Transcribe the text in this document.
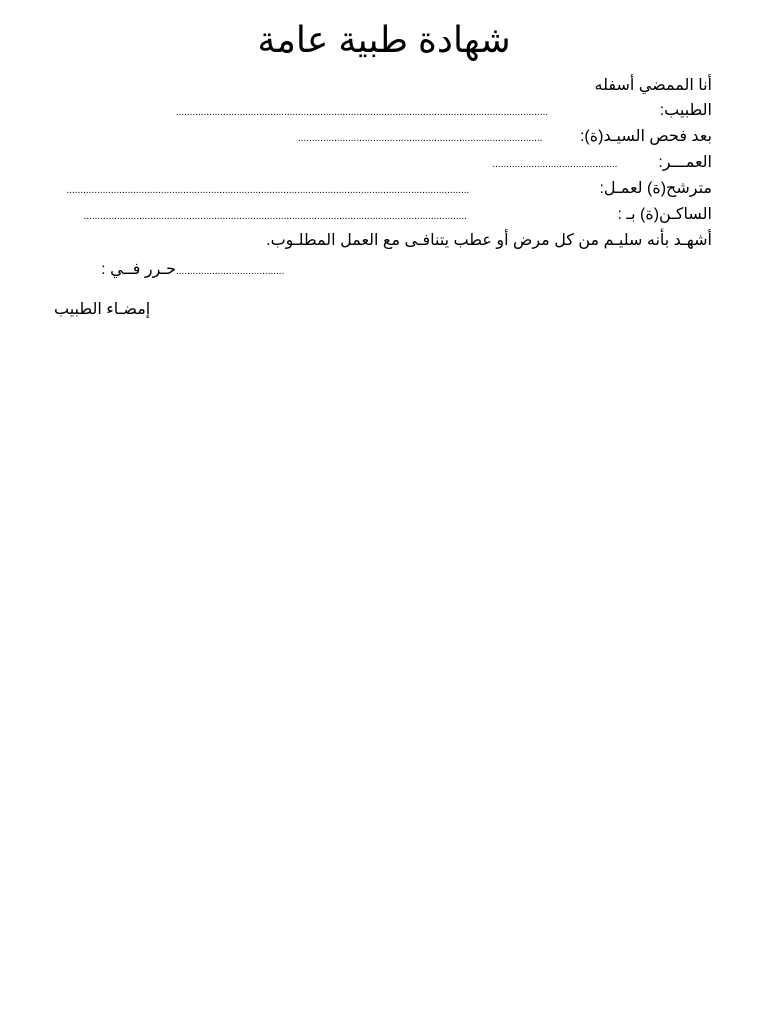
شهادة طبية عامة
أنا الممضي أسفله
الطبيب:
......................................................................................................................................
بعد فحص السيـد(ة):
........................................................................................
العمـــر:
.............................................
مترشح(ة) لعمـل:
.................................................................................................................................................
الساكـن(ة) بـ :
..........................................................................................................................................
أشهـد بأنه سليـم من كل مرض أو عطب يتنافـى مع العمل المطلـوب.
.......................................
حـرر فــي :
إمضـاء الطبيب
